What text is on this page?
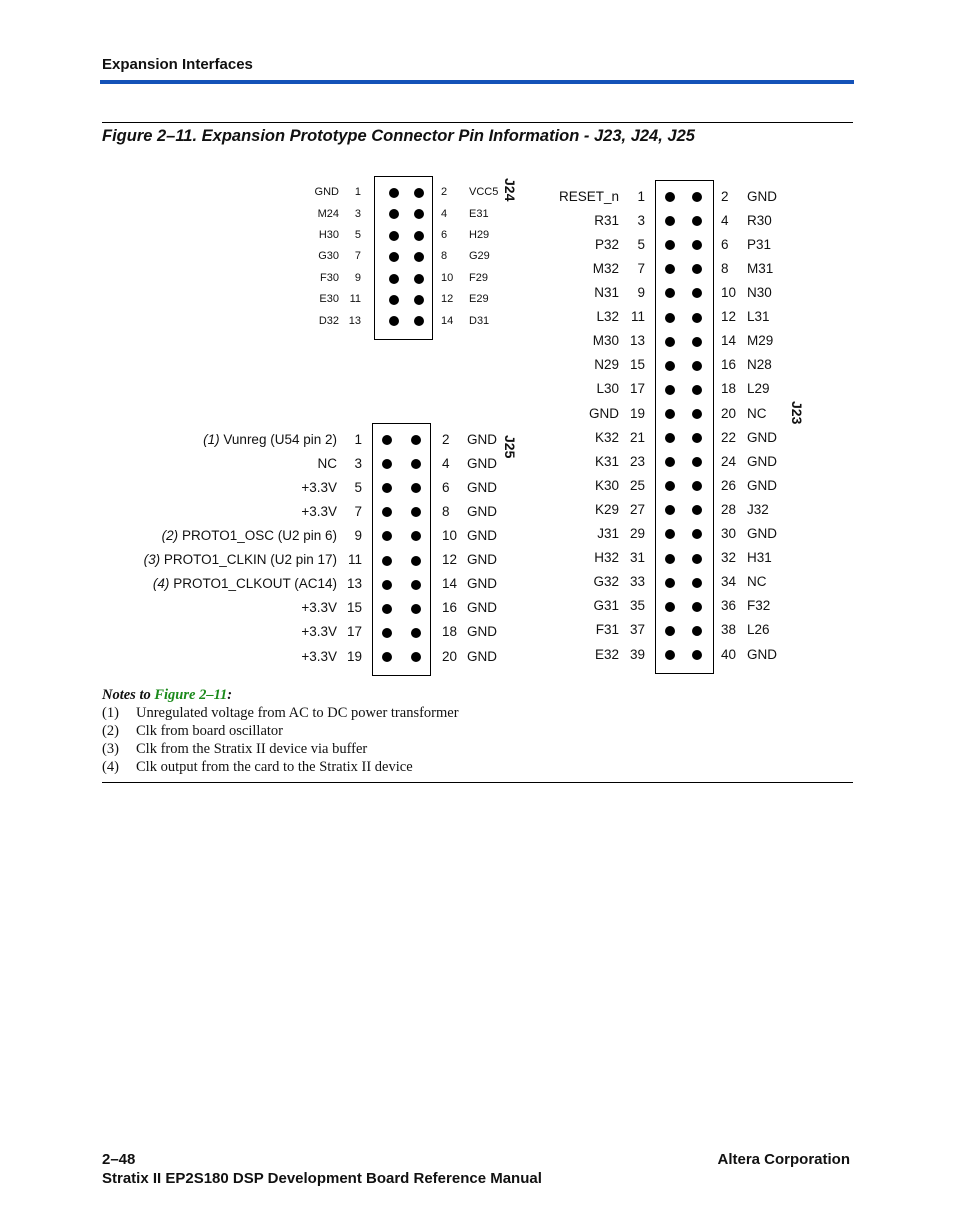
Expansion Interfaces
Figure 2–11. Expansion Prototype Connector Pin Information - J23, J24, J25
J24
GND 1	2 VCC5
M24 3	4 E31
H30 5	6 H29
G30 7	8 G29
F30 9	10 F29
E30 11	12 E29
D32 13	14 D31
J25
(1) Vunreg (U54 pin 2) 1	2 GND
NC 3	4 GND
+3.3V 5	6 GND
+3.3V 7	8 GND
(2) PROTO1_OSC (U2 pin 6) 9	10 GND
(3) PROTO1_CLKIN (U2 pin 17) 11	12 GND
(4) PROTO1_CLKOUT (AC14) 13	14 GND
+3.3V 15	16 GND
+3.3V 17	18 GND
+3.3V 19	20 GND
J23
RESET_n 1	2 GND
R31 3	4 R30
P32 5	6 P31
M32 7	8 M31
N31 9	10 N30
L32 11	12 L31
M30 13	14 M29
N29 15	16 N28
L30 17	18 L29
GND 19	20 NC
K32 21	22 GND
K31 23	24 GND
K30 25	26 GND
K29 27	28 J32
J31 29	30 GND
H32 31	32 H31
G32 33	34 NC
G31 35	36 F32
F31 37	38 L26
E32 39	40 GND
Notes to Figure 2–11:
(1) Unregulated voltage from AC to DC power transformer
(2) Clk from board oscillator
(3) Clk from the Stratix II device via buffer
(4) Clk output from the card to the Stratix II device
2–48
Stratix II EP2S180 DSP Development Board Reference Manual
Altera Corporation
